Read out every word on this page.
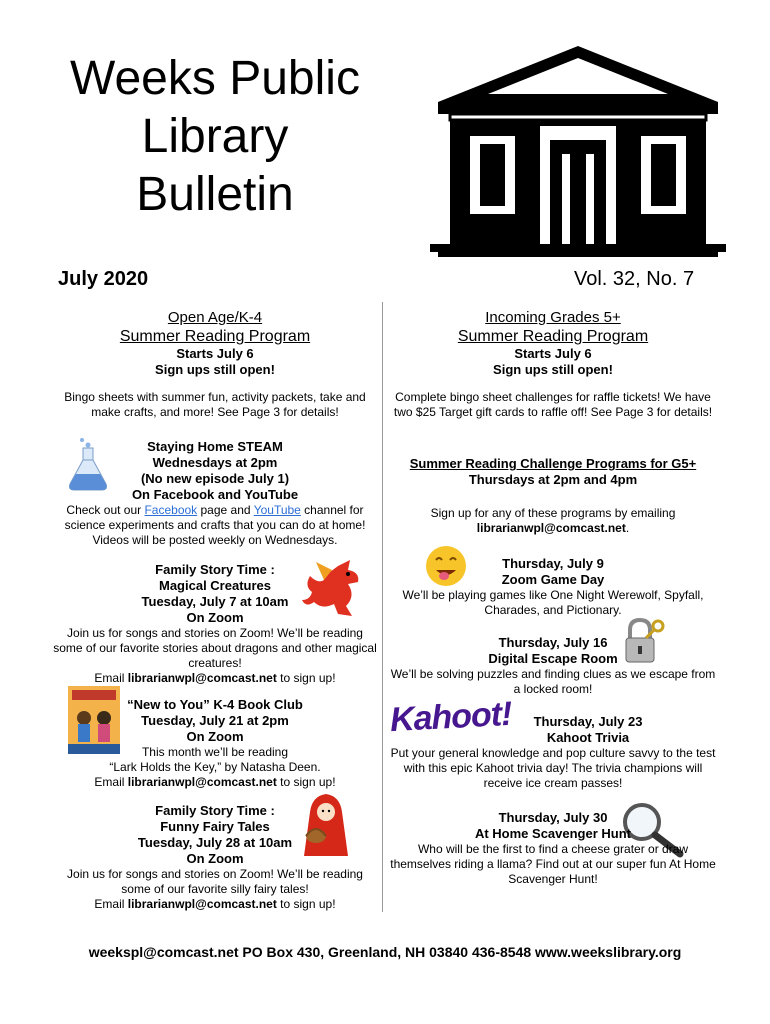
Weeks Public
Library
Bulletin
July 2020	Vol. 32, No. 7

Open Age/K-4

Summer Reading Program

Starts July 6

Sign ups still open!

Bingo sheets with summer fun, activity packets, take and make crafts, and more! See Page 3 for details!

Staying Home STEAM

Wednesdays at 2pm

(No new episode July 1)

On Facebook and YouTube

Check out our Facebook page and YouTube channel for science experiments and crafts that you can do at home! Videos will be posted weekly on Wednesdays.

Family Story Time :

Magical Creatures

Tuesday, July 7 at 10am

On Zoom

Join us for songs and stories on Zoom! We’ll be reading some of our favorite stories about dragons and other magical creatures!

Email librarianwpl@comcast.net to sign up!

“New to You” K-4 Book Club

Tuesday, July 21 at 2pm

On Zoom

This month we’ll be reading

“Lark Holds the Key,” by Natasha Deen.

Email librarianwpl@comcast.net to sign up!

Family Story Time :

Funny Fairy Tales

Tuesday, July 28 at 10am

On Zoom

Join us for songs and stories on Zoom! We’ll be reading some of our favorite silly fairy tales!

Email librarianwpl@comcast.net to sign up!

Incoming Grades 5+

Summer Reading Program

Starts July 6

Sign ups still open!

Complete bingo sheet challenges for raffle tickets! We have two $25 Target gift cards to raffle off! See Page 3 for details!

Summer Reading Challenge Programs for G5+

Thursdays at 2pm and 4pm

Sign up for any of these programs by emailing

librarianwpl@comcast.net.

Thursday, July 9

Zoom Game Day

We’ll be playing games like One Night Werewolf, Spyfall, Charades, and Pictionary.

Thursday, July 16

Digital Escape Room

We’ll be solving puzzles and finding clues as we escape from a locked room!

Kahoot!	Thursday, July 23

Kahoot Trivia

Put your general knowledge and pop culture savvy to the test with this epic Kahoot trivia day! The trivia champions will receive ice cream passes!

Thursday, July 30

At Home Scavenger Hunt

Who will be the first to find a cheese grater or draw themselves riding a llama? Find out at our super fun At Home Scavenger Hunt!

weekspl@comcast.net PO Box 430, Greenland, NH 03840 436-8548 www.weekslibrary.org
